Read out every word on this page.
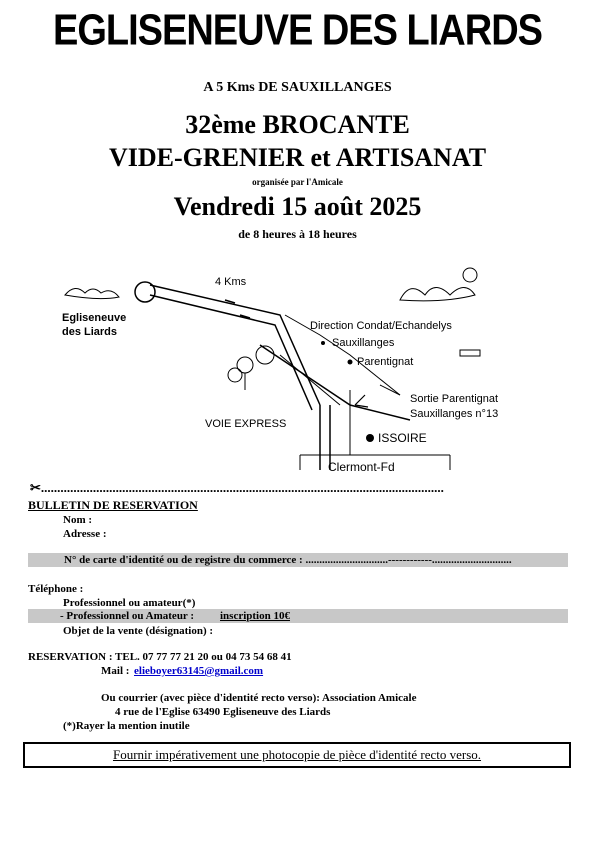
EGLISENEUVE DES LIARDS
A 5 Kms DE SAUXILLANGES
32ème BROCANTE
VIDE-GRENIER et ARTISANAT
organisée par l'Amicale
Vendredi 15 août 2025
de 8 heures à 18 heures
Egliseneuve
des Liards
4 Kms
Direction Condat/Echandelys
Sauxillanges
Parentignat
Sortie Parentignat
Sauxillanges n°13
VOIE EXPRESS
ISSOIRE
Clermont-Fd
✂............................................................................................................................
BULLETIN DE RESERVATION
Nom :
Adresse :
N° de carte d'identité ou de registre du commerce : ..............................------------.............................
Téléphone :
Professionnel ou amateur(*)
- Professionnel ou Amateur : inscription 10€
Objet de la vente (désignation) :
RESERVATION : TEL. 07 77 77 21 20 ou 04 73 54 68 41
Mail : elieboyer63145@gmail.com
Ou courrier (avec pièce d'identité recto verso): Association Amicale
4 rue de l'Eglise 63490 Egliseneuve des Liards
(*)Rayer la mention inutile
Fournir impérativement une photocopie de pièce d'identité recto verso.
